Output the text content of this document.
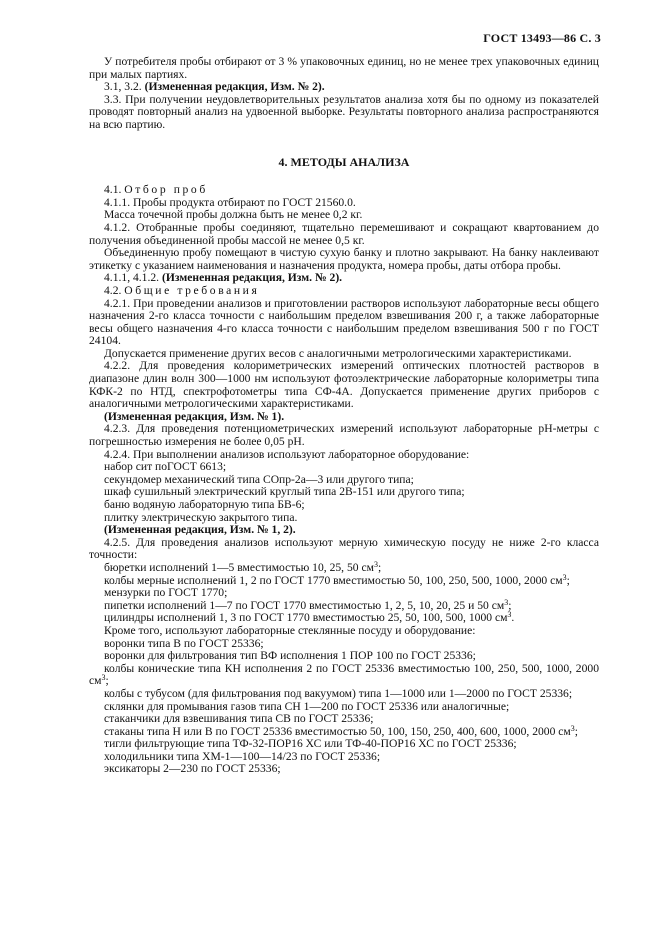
ГОСТ 13493—86 С. 3

У потребителя пробы отбирают от 3 % упаковочных единиц, но не менее трех упаковочных единиц при малых партиях.

3.1, 3.2. (Измененная редакция, Изм. № 2).

3.3. При получении неудовлетворительных результатов анализа хотя бы по одному из показателей проводят повторный анализ на удвоенной выборке. Результаты повторного анализа распространяются на всю партию.

4. МЕТОДЫ АНАЛИЗА

4.1. Отбор проб

4.1.1. Пробы продукта отбирают по ГОСТ 21560.0.

Масса точечной пробы должна быть не менее 0,2 кг.

4.1.2. Отобранные пробы соединяют, тщательно перемешивают и сокращают квартованием до получения объединенной пробы массой не менее 0,5 кг.

Объединенную пробу помещают в чистую сухую банку и плотно закрывают. На банку наклеивают этикетку с указанием наименования и назначения продукта, номера пробы, даты отбора пробы.

4.1.1, 4.1.2. (Измененная редакция, Изм. № 2).

4.2. Общие требования

4.2.1. При проведении анализов и приготовлении растворов используют лабораторные весы общего назначения 2-го класса точности с наибольшим пределом взвешивания 200 г, а также лабораторные весы общего назначения 4-го класса точности с наибольшим пределом взвешивания 500 г по ГОСТ 24104.

Допускается применение других весов с аналогичными метрологическими характеристиками.

4.2.2. Для проведения колориметрических измерений оптических плотностей растворов в диапазоне длин волн 300—1000 нм используют фотоэлектрические лабораторные колориметры типа КФК-2 по НТД, спектрофотометры типа СФ-4А. Допускается применение других приборов с аналогичными метрологическими характеристиками.

(Измененная редакция, Изм. № 1).

4.2.3. Для проведения потенциометрических измерений используют лабораторные рН-метры с погрешностью измерения не более 0,05 рН.

4.2.4. При выполнении анализов используют лабораторное оборудование:

набор сит поГОСТ 6613;

секундомер механический типа СОпр-2а—3 или другого типа;

шкаф сушильный электрический круглый типа 2В-151 или другого типа;

баню водяную лабораторную типа БВ-6;

плитку электрическую закрытого типа.

(Измененная редакция, Изм. № 1, 2).

4.2.5. Для проведения анализов используют мерную химическую посуду не ниже 2-го класса точности:

бюретки исполнений 1—5 вместимостью 10, 25, 50 $см^3$;

колбы мерные исполнений 1, 2 по ГОСТ 1770 вместимостью 50, 100, 250, 500, 1000, 2000 $см^3$;

мензурки по ГОСТ 1770;

пипетки исполнений 1—7 по ГОСТ 1770 вместимостью 1, 2, 5, 10, 20, 25 и 50 $см^3$;

цилиндры исполнений 1, 3 по ГОСТ 1770 вместимостью 25, 50, 100, 500, 1000 $см^3$.

Кроме того, используют лабораторные стеклянные посуду и оборудование:

воронки типа В по ГОСТ 25336;

воронки для фильтрования тип ВФ исполнения 1 ПОР 100 по ГОСТ 25336;

колбы конические типа КН исполнения 2 по ГОСТ 25336 вместимостью 100, 250, 500, 1000, 2000 $см^3$;

колбы с тубусом (для фильтрования под вакуумом) типа 1—1000 или 1—2000 по ГОСТ 25336;

склянки для промывания газов типа СН 1—200 по ГОСТ 25336 или аналогичные;

стаканчики для взвешивания типа СВ по ГОСТ 25336;

стаканы типа Н или В по ГОСТ 25336 вместимостью 50, 100, 150, 250, 400, 600, 1000, 2000 $см^3$;

тигли фильтрующие типа ТФ-32-ПОР16 ХС или ТФ-40-ПОР16 ХС по ГОСТ 25336;

холодильники типа ХМ-1—100—14/23 по ГОСТ 25336;

эксикаторы 2—230 по ГОСТ 25336;
